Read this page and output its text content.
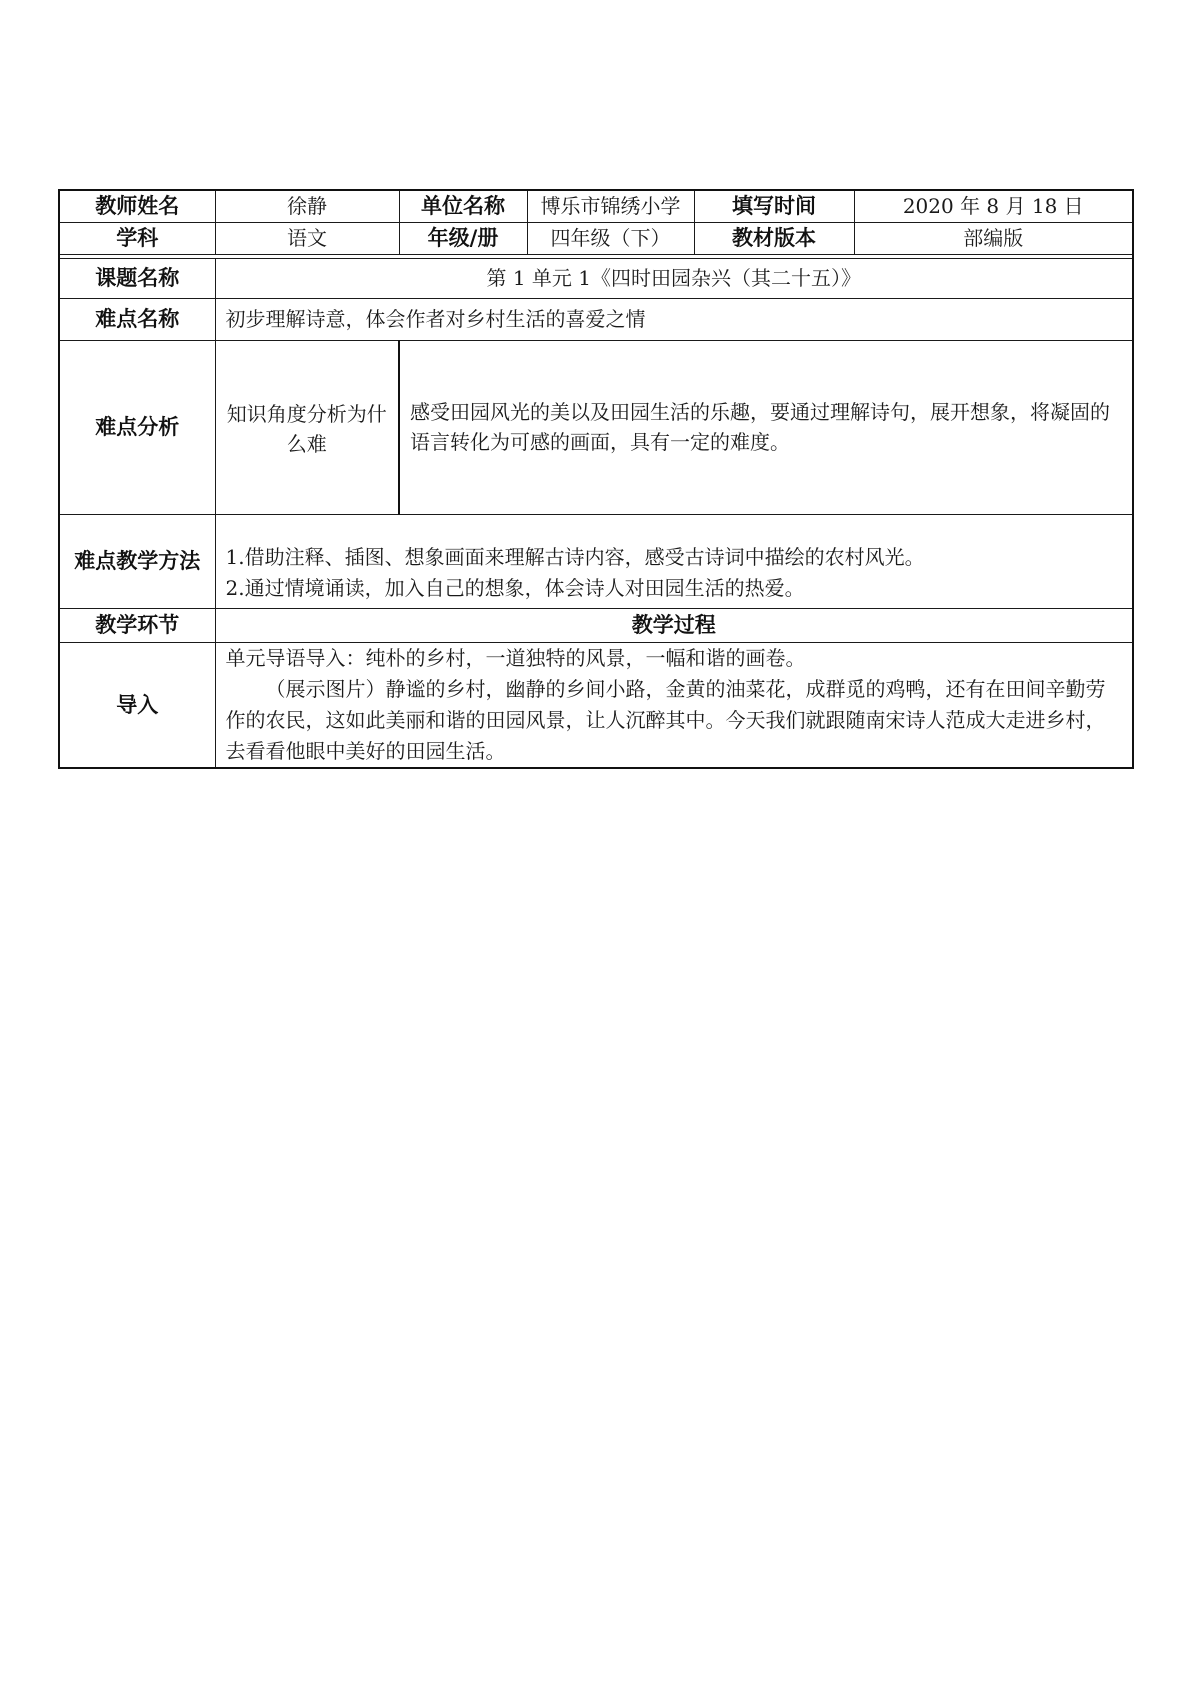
教师姓名	徐静	单位名称	博乐市锦绣小学	填写时间	2020 年 8 月 18 日
学科	语文	年级/册	四年级（下）	教材版本	部编版

课题名称	第 1 单元 1《四时田园杂兴（其二十五）》				
难点名称	初步理解诗意，体会作者对乡村生活的喜爱之情				
难点分析	知识角度分析为什么难	感受田园风光的美以及田园生活的乐趣，要通过理解诗句，展开想象，将凝固的语言转化为可感的画面，具有一定的难度。			
难点教学方法	1.借助注释、插图、想象画面来理解古诗内容，感受古诗词中描绘的农村风光。
2.通过情境诵读，加入自己的想象，体会诗人对田园生活的热爱。				

教学环节	教学过程				
导入	单元导语导入：纯朴的乡村，一道独特的风景，一幅和谐的画卷。
（展示图片）静谧的乡村，幽静的乡间小路，金黄的油菜花，成群觅的鸡鸭，还有在田间辛勤劳作的农民，这如此美丽和谐的田园风景，让人沉醉其中。今天我们就跟随南宋诗人范成大走进乡村，去看看他眼中美好的田园生活。				
